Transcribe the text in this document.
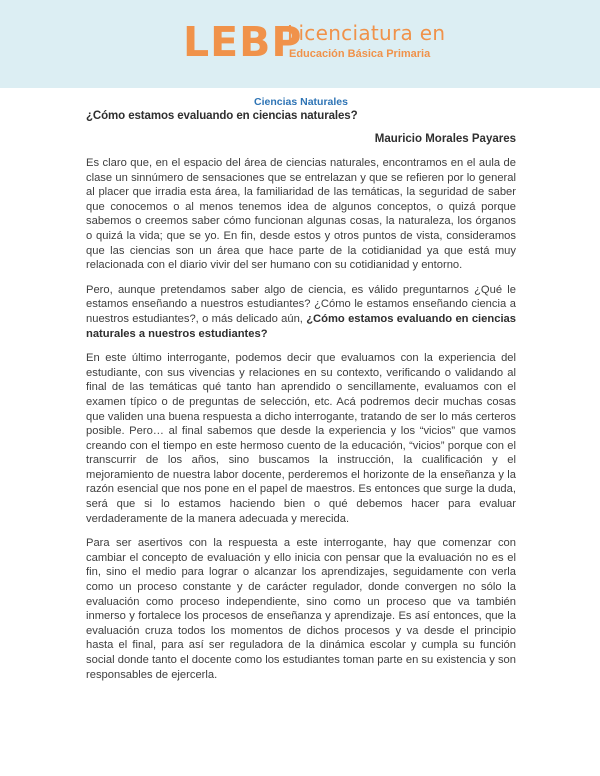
LEBP
Licenciatura en
Educación Básica Primaria

Ciencias Naturales

¿Cómo estamos evaluando en ciencias naturales?

Mauricio Morales Payares

Es claro que, en el espacio del área de ciencias naturales, encontramos en el aula de clase un sinnúmero de sensaciones que se entrelazan y que se refieren por lo general al placer que irradia esta área, la familiaridad de las temáticas, la seguridad de saber que conocemos o al menos tenemos idea de algunos conceptos, o quizá porque sabemos o creemos saber cómo funcionan algunas cosas, la naturaleza, los órganos o quizá la vida; que se yo. En fin, desde estos y otros puntos de vista, consideramos que las ciencias son un área que hace parte de la cotidianidad ya que está muy relacionada con el diario vivir del ser humano con su cotidianidad y entorno.

Pero, aunque pretendamos saber algo de ciencia, es válido preguntarnos ¿Qué le estamos enseñando a nuestros estudiantes? ¿Cómo le estamos enseñando ciencia a nuestros estudiantes?, o más delicado aún, ¿Cómo estamos evaluando en ciencias naturales a nuestros estudiantes?

En este último interrogante, podemos decir que evaluamos con la experiencia del estudiante, con sus vivencias y relaciones en su contexto, verificando o validando al final de las temáticas qué tanto han aprendido o sencillamente, evaluamos con el examen típico o de preguntas de selección, etc. Acá podremos decir muchas cosas que validen una buena respuesta a dicho interrogante, tratando de ser lo más certeros posible. Pero… al final sabemos que desde la experiencia y los “vicios” que vamos creando con el tiempo en este hermoso cuento de la educación, “vicios” porque con el transcurrir de los años, sino buscamos la instrucción, la cualificación y el mejoramiento de nuestra labor docente, perderemos el horizonte de la enseñanza y la razón esencial que nos pone en el papel de maestros. Es entonces que surge la duda, será que si lo estamos haciendo bien o qué debemos hacer para evaluar verdaderamente de la manera adecuada y merecida.

Para ser asertivos con la respuesta a este interrogante, hay que comenzar con cambiar el concepto de evaluación y ello inicia con pensar que la evaluación no es el fin, sino el medio para lograr o alcanzar los aprendizajes, seguidamente con verla como un proceso constante y de carácter regulador, donde convergen no sólo la evaluación como proceso independiente, sino como un proceso que va también inmerso y fortalece los procesos de enseñanza y aprendizaje. Es así entonces, que la evaluación cruza todos los momentos de dichos procesos y va desde el principio hasta el final, para así ser reguladora de la dinámica escolar y cumpla su función social donde tanto el docente como los estudiantes toman parte en su existencia y son responsables de ejercerla.
